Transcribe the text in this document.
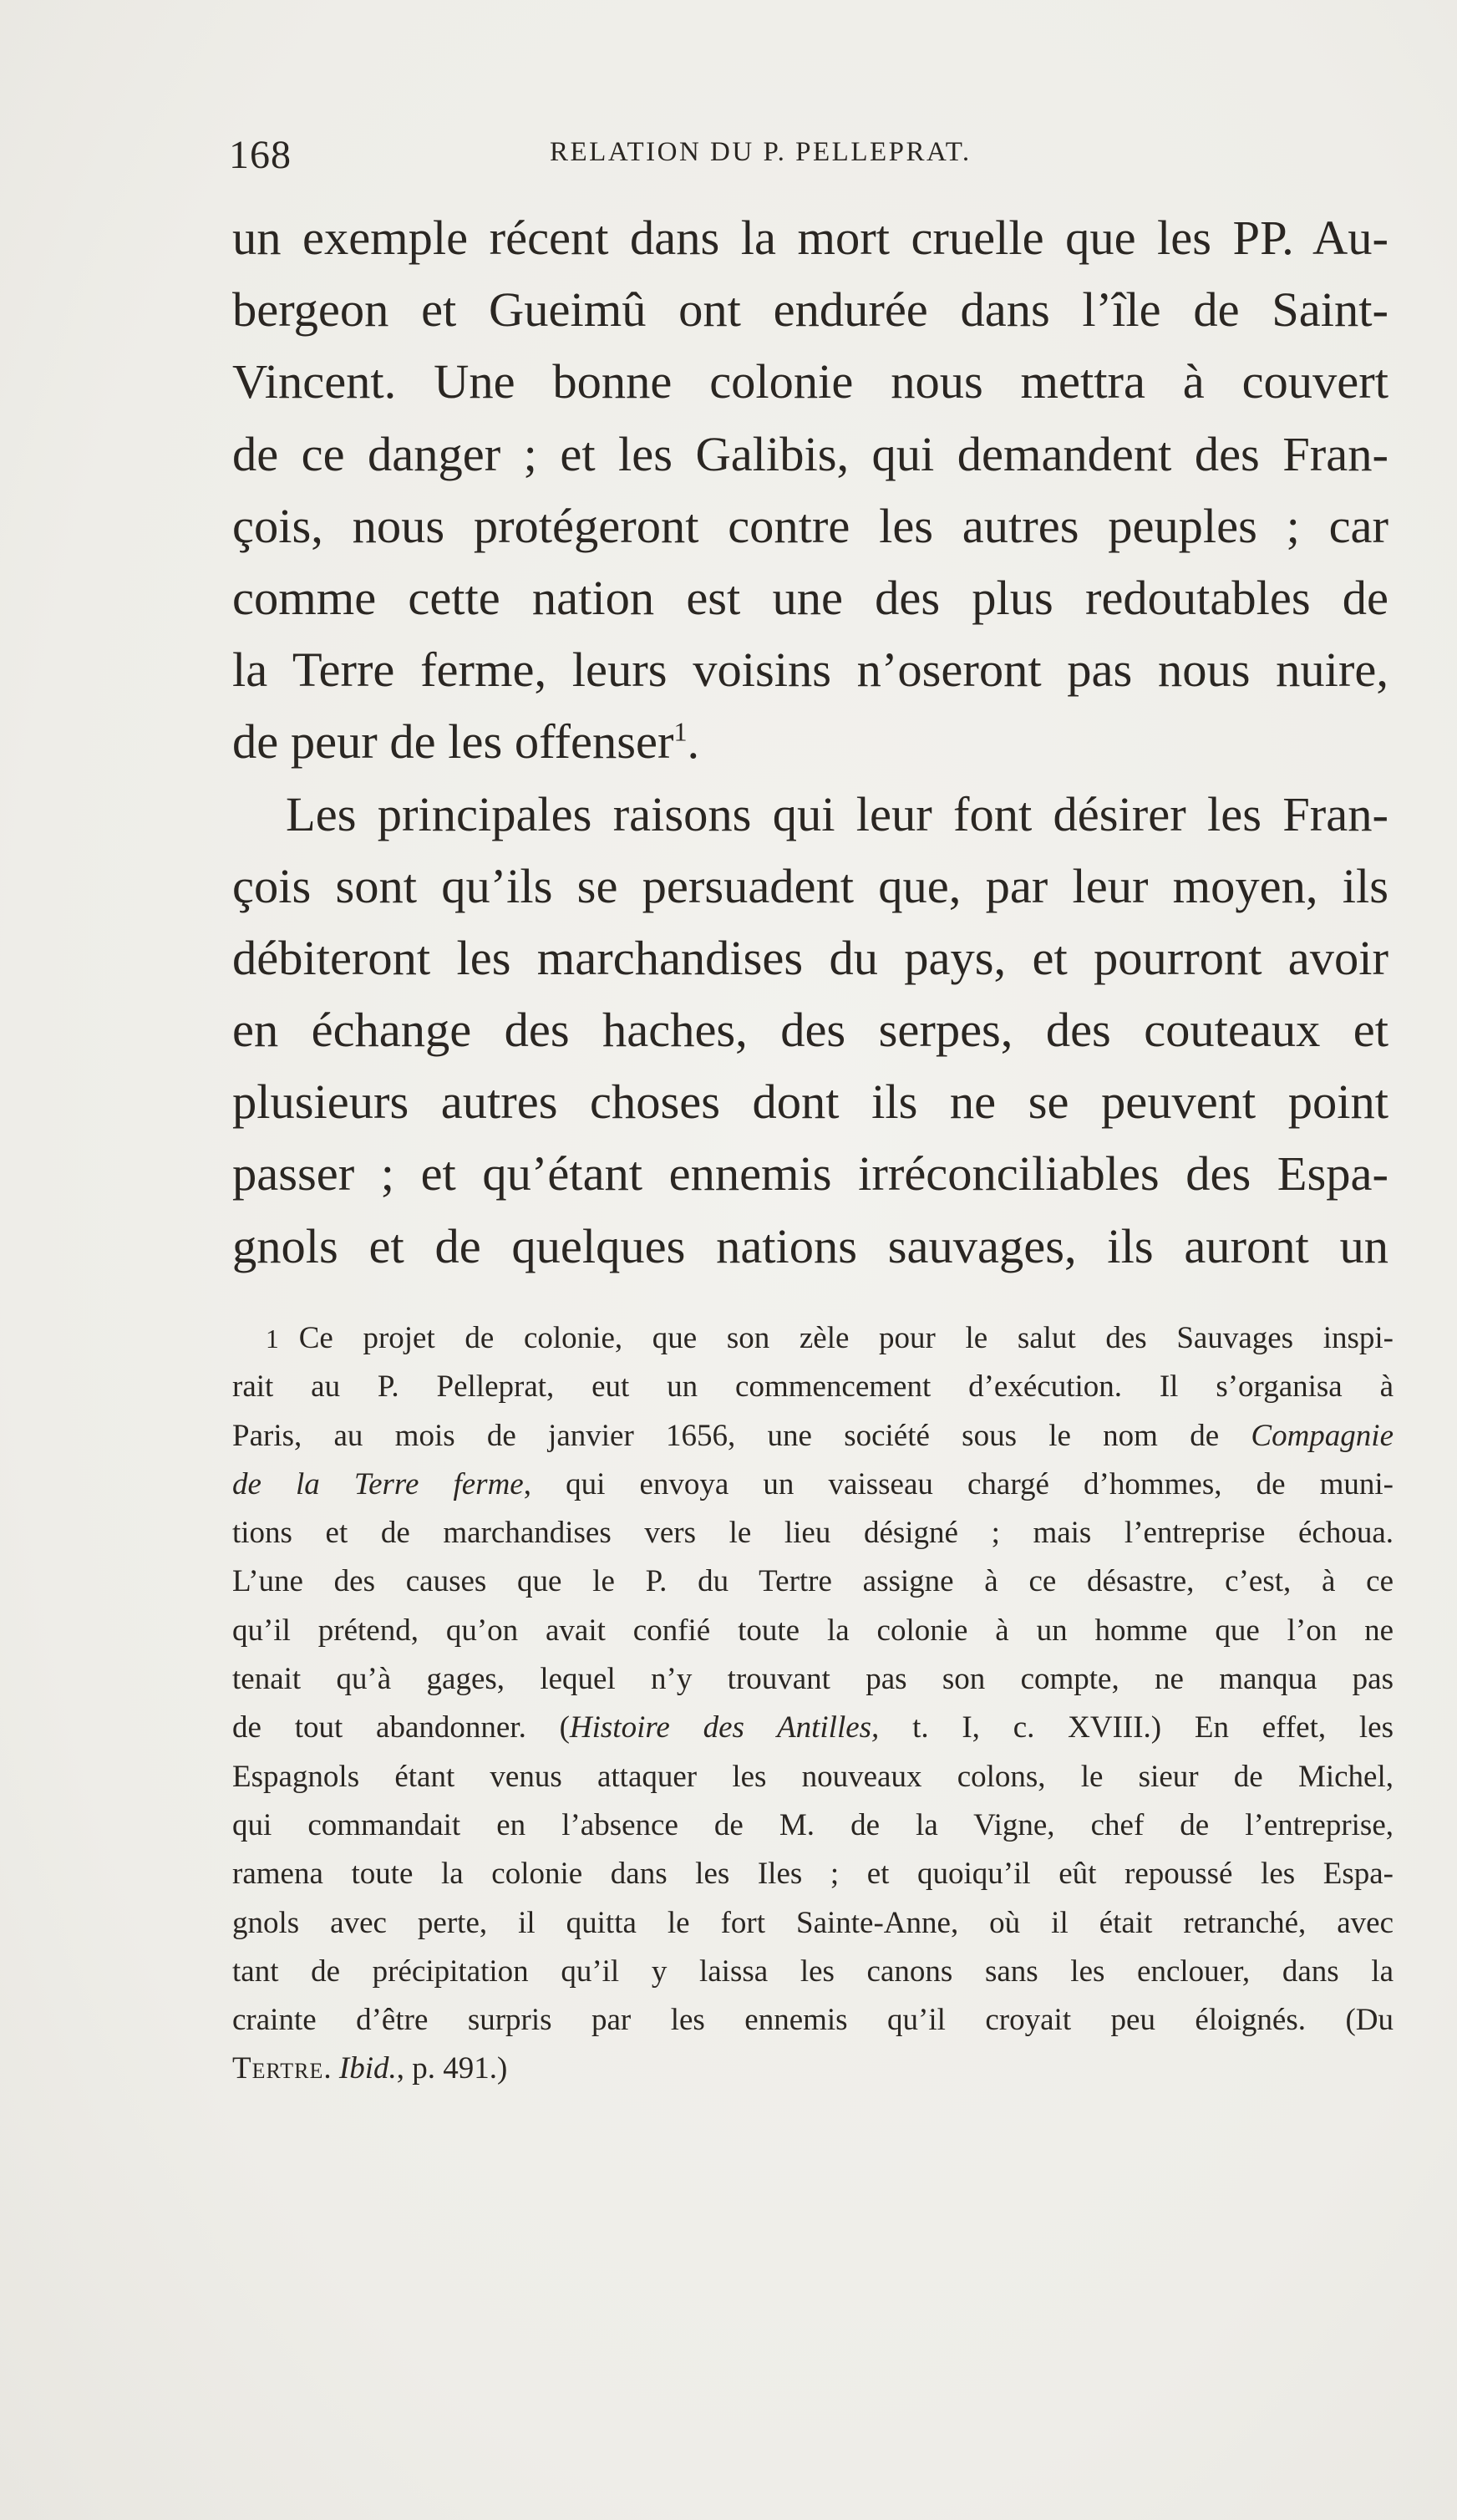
168	RELATION DU P. PELLEPRAT.
un exemple récent dans la mort cruelle que les PP. Au-
bergeon et Gueimû ont endurée dans l’île de Saint-
Vincent. Une bonne colonie nous mettra à couvert
de ce danger ; et les Galibis, qui demandent des Fran-
çois, nous protégeront contre les autres peuples ; car
comme cette nation est une des plus redoutables de
la Terre ferme, leurs voisins n’oseront pas nous nuire,
de peur de les offenser$^1$.
Les principales raisons qui leur font désirer les Fran-
çois sont qu’ils se persuadent que, par leur moyen, ils
débiteront les marchandises du pays, et pourront avoir
en échange des haches, des serpes, des couteaux et
plusieurs autres choses dont ils ne se peuvent point
passer ; et qu’étant ennemis irréconciliables des Espa-
gnols et de quelques nations sauvages, ils auront un
1 Ce projet de colonie, que son zèle pour le salut des Sauvages inspi-
rait au P. Pelleprat, eut un commencement d’exécution. Il s’organisa à
Paris, au mois de janvier 1656, une société sous le nom de Compagnie
de la Terre ferme, qui envoya un vaisseau chargé d’hommes, de muni-
tions et de marchandises vers le lieu désigné ; mais l’entreprise échoua.
L’une des causes que le P. du Tertre assigne à ce désastre, c’est, à ce
qu’il prétend, qu’on avait confié toute la colonie à un homme que l’on ne
tenait qu’à gages, lequel n’y trouvant pas son compte, ne manqua pas
de tout abandonner. (Histoire des Antilles, t. I, c. XVIII.) En effet, les
Espagnols étant venus attaquer les nouveaux colons, le sieur de Michel,
qui commandait en l’absence de M. de la Vigne, chef de l’entreprise,
ramena toute la colonie dans les Iles ; et quoiqu’il eût repoussé les Espa-
gnols avec perte, il quitta le fort Sainte-Anne, où il était retranché, avec
tant de précipitation qu’il y laissa les canons sans les enclouer, dans la
crainte d’être surpris par les ennemis qu’il croyait peu éloignés. (Du
Tertre. Ibid., p. 491.)
